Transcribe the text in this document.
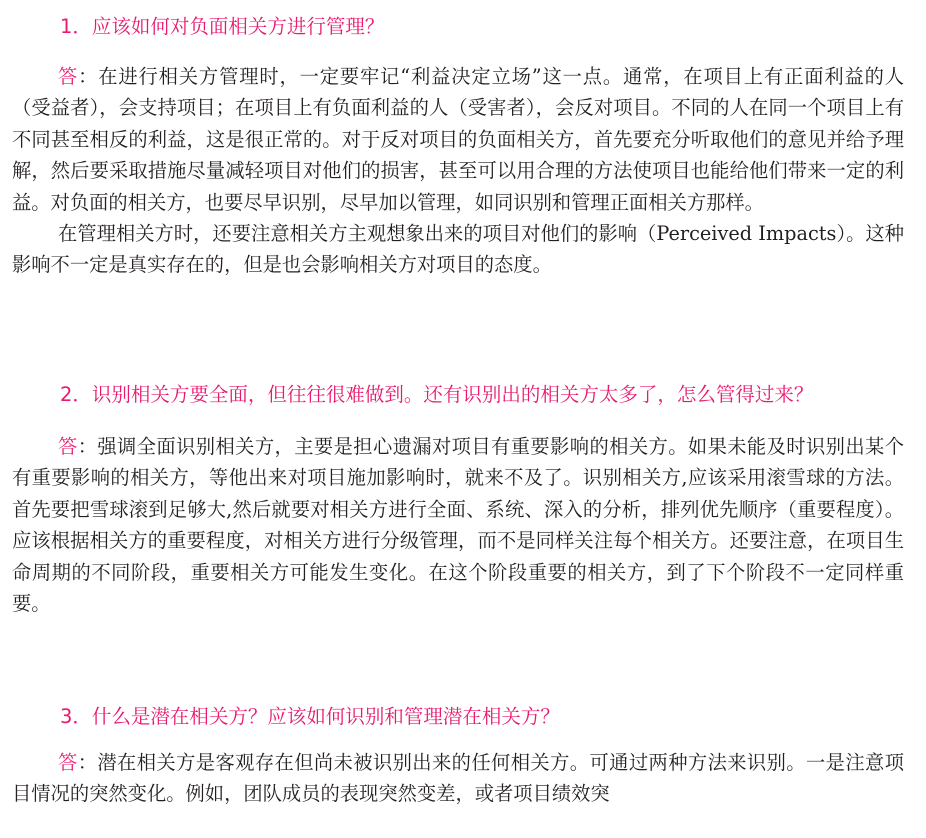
1．应该如何对负面相关方进行管理？

答：在进行相关方管理时，一定要牢记“利益决定立场”这一点。通常，在项目上有正面利益的人（受益者），会支持项目；在项目上有负面利益的人（受害者），会反对项目。不同的人在同一个项目上有不同甚至相反的利益，这是很正常的。对于反对项目的负面相关方，首先要充分听取他们的意见并给予理解，然后要采取措施尽量减轻项目对他们的损害，甚至可以用合理的方法使项目也能给他们带来一定的利益。对负面的相关方，也要尽早识别，尽早加以管理，如同识别和管理正面相关方那样。

在管理相关方时，还要注意相关方主观想象出来的项目对他们的影响（Perceived Impacts）。这种影响不一定是真实存在的，但是也会影响相关方对项目的态度。

2．识别相关方要全面，但往往很难做到。还有识别出的相关方太多了，怎么管得过来？

答：强调全面识别相关方，主要是担心遗漏对项目有重要影响的相关方。如果未能及时识别出某个有重要影响的相关方，等他出来对项目施加影响时，就来不及了。识别相关方,应该采用滚雪球的方法。首先要把雪球滚到足够大,然后就要对相关方进行全面、系统、深入的分析，排列优先顺序（重要程度）。应该根据相关方的重要程度，对相关方进行分级管理，而不是同样关注每个相关方。还要注意，在项目生命周期的不同阶段，重要相关方可能发生变化。在这个阶段重要的相关方，到了下个阶段不一定同样重要。

3．什么是潜在相关方？应该如何识别和管理潜在相关方？

答：潜在相关方是客观存在但尚未被识别出来的任何相关方。可通过两种方法来识别。一是注意项目情况的突然变化。例如，团队成员的表现突然变差，或者项目绩效突
